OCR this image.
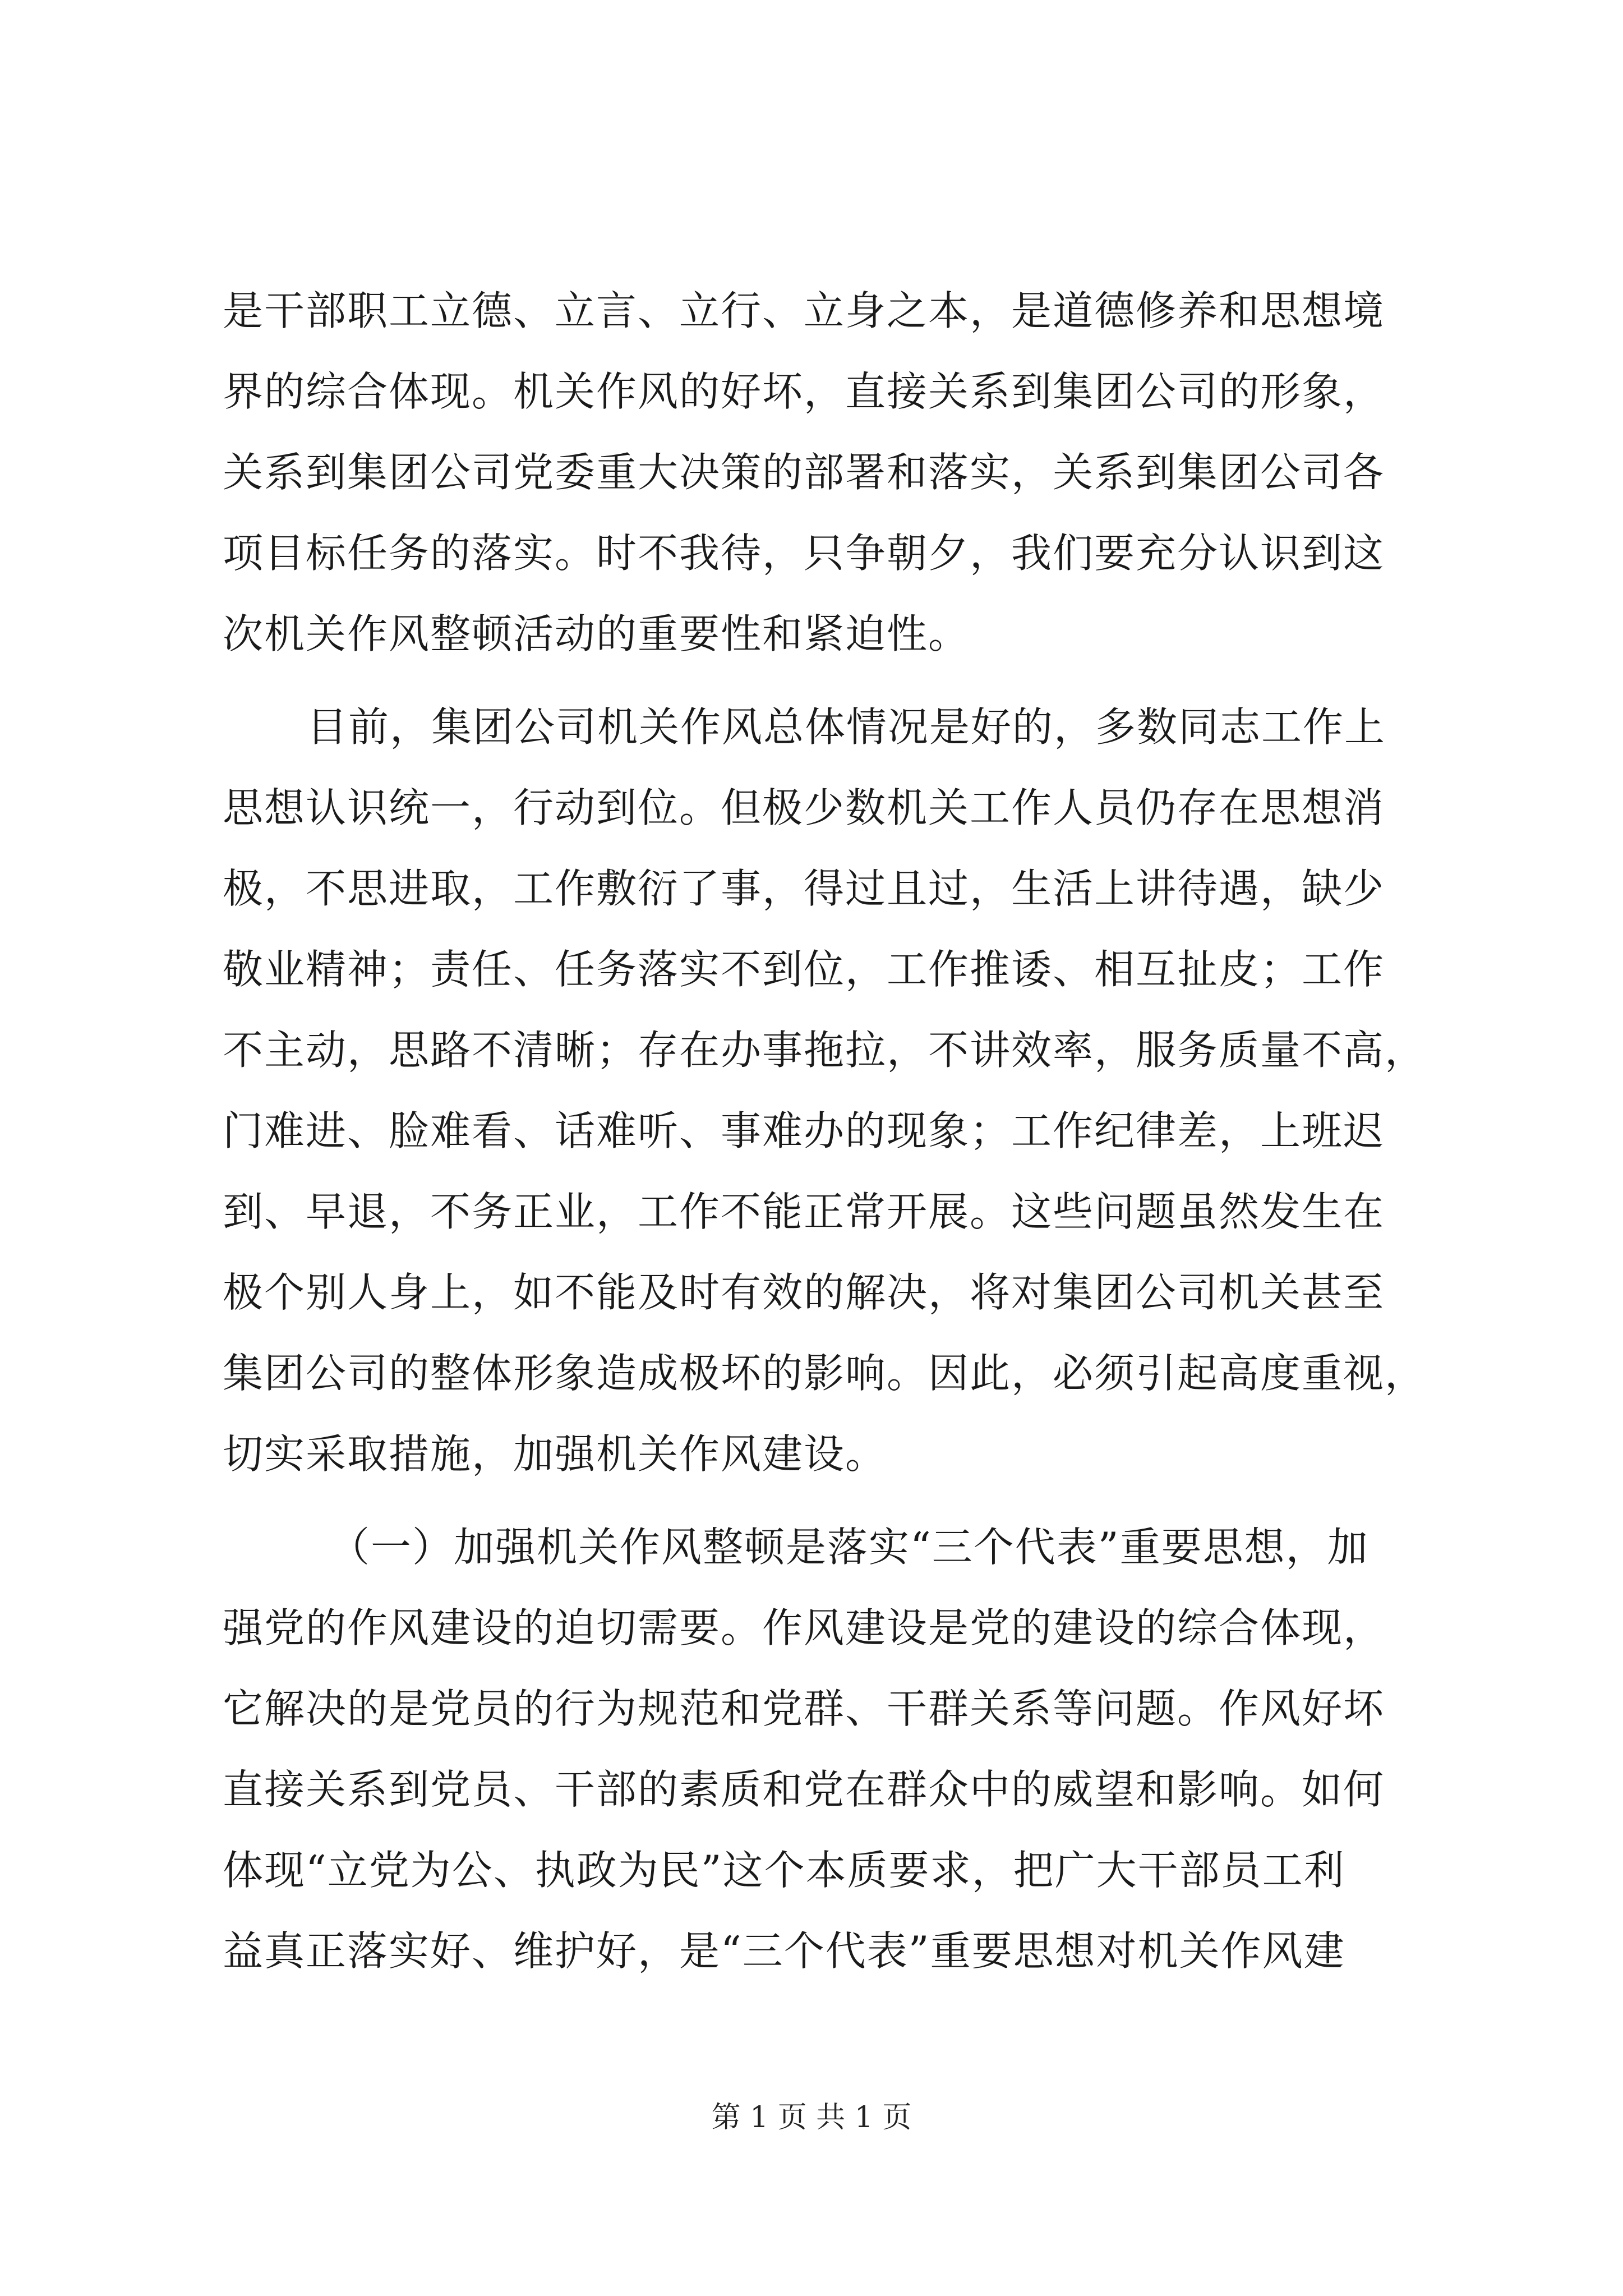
是干部职工立德、立言、立行、立身之本，是道德修养和思想境
界的综合体现。机关作风的好坏，直接关系到集团公司的形象，
关系到集团公司党委重大决策的部署和落实，关系到集团公司各
项目标任务的落实。时不我待，只争朝夕，我们要充分认识到这
次机关作风整顿活动的重要性和紧迫性。
目前，集团公司机关作风总体情况是好的，多数同志工作上
思想认识统一，行动到位。但极少数机关工作人员仍存在思想消
极，不思进取，工作敷衍了事，得过且过，生活上讲待遇，缺少
敬业精神；责任、任务落实不到位，工作推诿、相互扯皮；工作
不主动，思路不清晰；存在办事拖拉，不讲效率，服务质量不高，
门难进、脸难看、话难听、事难办的现象；工作纪律差，上班迟
到、早退，不务正业，工作不能正常开展。这些问题虽然发生在
极个别人身上，如不能及时有效的解决，将对集团公司机关甚至
集团公司的整体形象造成极坏的影响。因此，必须引起高度重视，
切实采取措施，加强机关作风建设。
（一）加强机关作风整顿是落实“三个代表”重要思想，加
强党的作风建设的迫切需要。作风建设是党的建设的综合体现，
它解决的是党员的行为规范和党群、干群关系等问题。作风好坏
直接关系到党员、干部的素质和党在群众中的威望和影响。如何
体现“立党为公、执政为民”这个本质要求，把广大干部员工利
益真正落实好、维护好，是“三个代表”重要思想对机关作风建
第 1 页 共 1 页
